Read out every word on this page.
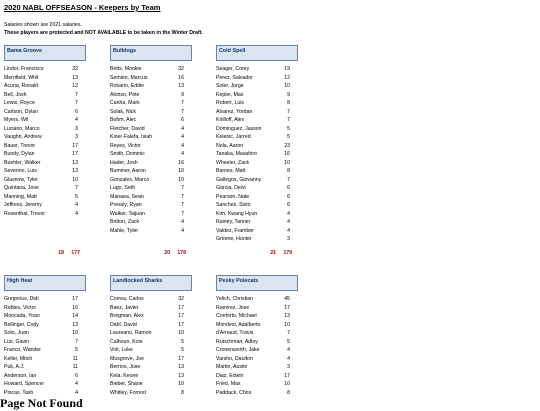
2020 NABL OFFSEASON - Keepers by Team
Salaries shown are 2021 salaries.
These players are protected and NOT AVAILABLE to be taken in the Winter Draft.
Bama Groove
Lindor, Francisco	32
Merrifield, Whit	13
Acuna, Ronald	12
Bell, Josh	7
Lewis, Royce	7
Carlson, Dylan	6
Myers, Wil	4
Luciano, Marco	3
Vaughn, Andrew	3
Bauer, Trevor	17
Bundy, Dylan	17
Buehler, Walker	13
Severino, Luis	13
Glasnow, Tyler	10
Quintana, Jose	7
Manning, Matt	5
Jeffress, Jeremy	4
Rosenthal, Trevor	4
18 177
Bulldogs
Betts, Mookie	32
Semien, Marcus	16
Rosario, Eddie	13
Alonso, Pete	9
Canha, Mark	7
Solak, Nick	7
Bohm, Alec	6
Fletcher, David	4
Kiner-Falefa, Isiah	4
Reyes, Victor	4
Smith, Dominic	4
Hader, Josh	16
Bummer, Aaron	10
Gonzales, Marco	10
Lugo, Seth	7
Manaea, Sean	7
Pressly, Ryan	7
Walker, Taijuan	7
Britton, Zack	4
Mahle, Tyler	4
20 178
Cold Spell
Seager, Corey	19
Perez, Salvador	12
Soler, Jorge	10
Kepler, Max	9
Robert, Luis	8
Alvarez, Yordan	7
Kirilloff, Alex	7
Dominguez, Jasson	5
Kelenic, Jarred	5
Nola, Aaron	23
Tanaka, Masahiro	16
Wheeler, Zack	10
Barnes, Matt	8
Gallegos, Giovanny	7
Garcia, Deivi	6
Pearson, Nate	6
Sanchez, Sixto	6
Kim, Kwang Hyun	4
Rainey, Tanner	4
Valdez, Framber	4
Greene, Hunter	3
21 179
High Heat
Gregorius, Didi	17
Robles, Victor	16
Moncada, Yoan	14
Bellinger, Cody	13
Soto, Juan	10
Luo, Gavin	7
Franco, Wander	5
Keller, Mitch	11
Puk, A.J.	11
Anderson, Ian	6
Howard, Spencer	4
Pincas, Tash	4
Landlocked Sharks
Correa, Carlos	32
Baez, Javier	17
Bregman, Alex	17
Dahl, David	17
Laureano, Ramon	10
Calhoun, Kole	5
Voit, Luke	5
Musgrove, Joe	17
Berrios, Jose	13
Kela, Keone	13
Bieber, Shane	10
Whitley, Forrest	8
Pesky Polecats
Yelich, Christian	45
Ramirez, Jose	17
Conforto, Michael	13
Mondesi, Adalberto	10
d'Arnaud, Travis	7
Rutschman, Adley	5
Cronenworth, Jake	4
Varsho, Daulton	4
Martin, Austin	3
Diaz, Edwin	17
Fried, Max	10
Paddack, Chris	8
Page Not Found
